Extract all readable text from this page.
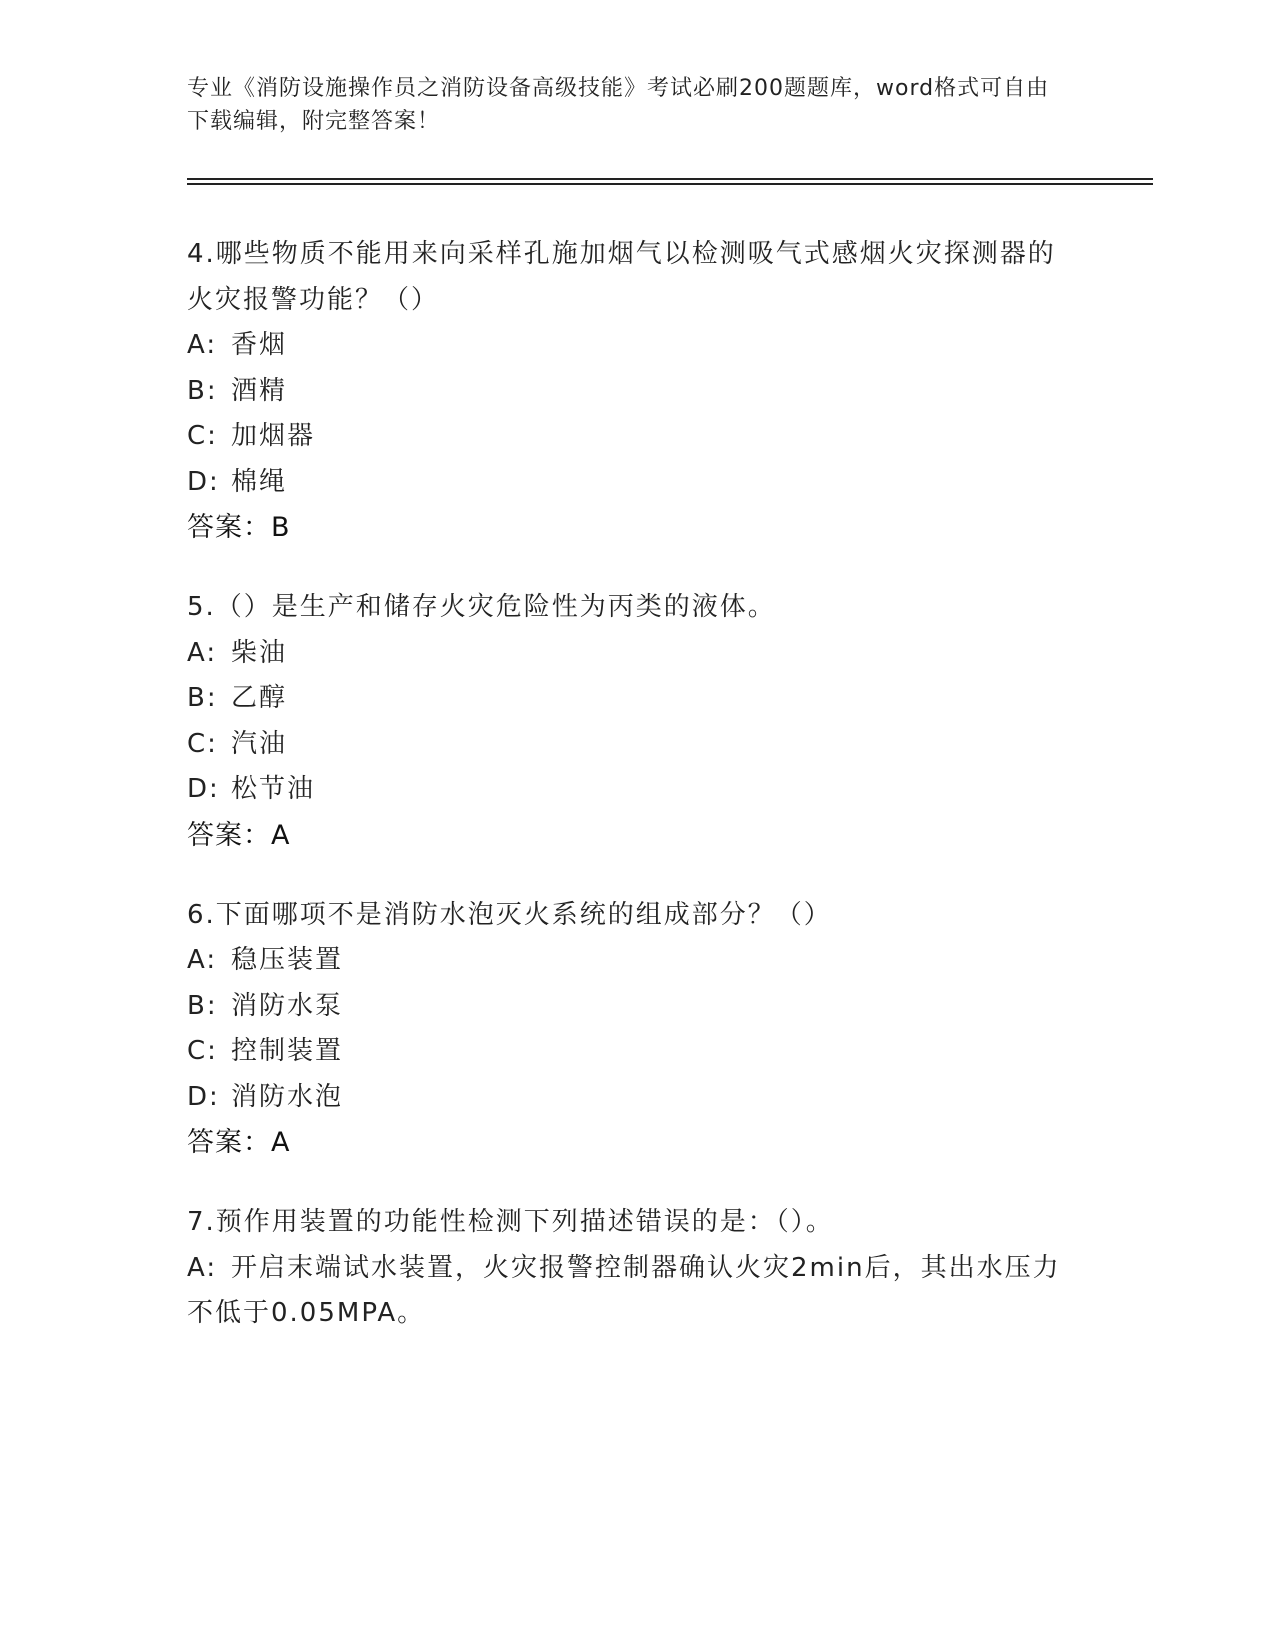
专业《消防设施操作员之消防设备高级技能》考试必刷200题题库，word格式可自由下载编辑，附完整答案！
4.哪些物质不能用来向采样孔施加烟气以检测吸气式感烟火灾探测器的火灾报警功能？（）
A: 香烟
B: 酒精
C: 加烟器
D: 棉绳
答案：B
5.（）是生产和储存火灾危险性为丙类的液体。
A: 柴油
B: 乙醇
C: 汽油
D: 松节油
答案：A
6.下面哪项不是消防水泡灭火系统的组成部分？（）
A: 稳压装置
B: 消防水泵
C: 控制装置
D: 消防水泡
答案：A
7.预作用装置的功能性检测下列描述错误的是：（）。
A: 开启末端试水装置，火灾报警控制器确认火灾2min后，其出水压力不低于0.05MPA。
